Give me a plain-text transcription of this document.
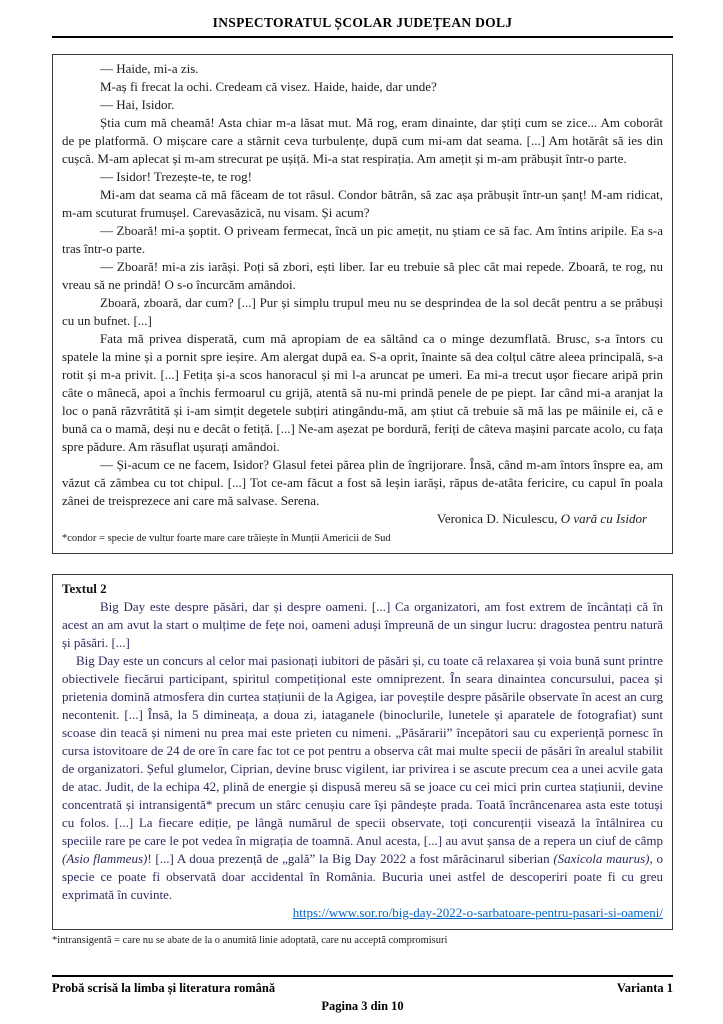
INSPECTORATUL ȘCOLAR JUDEȚEAN DOLJ

— Haide, mi-a zis.

M-aș fi frecat la ochi. Credeam că visez. Haide, haide, dar unde?

— Hai, Isidor.

Știa cum mă cheamă! Asta chiar m-a lăsat mut. Mă rog, eram dinainte, dar știți cum se zice... Am coborât de pe platformă. O mișcare care a stârnit ceva turbulențe, după cum mi-am dat seama. [...] Am hotărât să ies din cușcă. M-am aplecat și m-am strecurat pe ușiță. Mi-a stat respirația. Am amețit și m-am prăbușit într-o parte.

— Isidor! Trezește-te, te rog!

Mi-am dat seama că mă făceam de tot râsul. Condor bătrân, să zac așa prăbușit într-un șanț! M-am ridicat, m-am scuturat frumușel. Carevasăzică, nu visam. Și acum?

— Zboară! mi-a șoptit. O priveam fermecat, încă un pic amețit, nu știam ce să fac. Am întins aripile. Ea s-a tras într-o parte.

— Zboară! mi-a zis iarăși. Poți să zbori, ești liber. Iar eu trebuie să plec cât mai repede. Zboară, te rog, nu vreau să ne prindă! O s-o încurcăm amândoi.

Zboară, zboară, dar cum? [...] Pur și simplu trupul meu nu se desprindea de la sol decât pentru a se prăbuși cu un bufnet. [...]

Fata mă privea disperată, cum mă apropiam de ea săltând ca o minge dezumflată. Brusc, s-a întors cu spatele la mine și a pornit spre ieșire. Am alergat după ea. S-a oprit, înainte să dea colțul către aleea principală, s-a rotit și m-a privit. [...] Fetița și-a scos hanoracul și mi l-a aruncat pe umeri. Ea mi-a trecut ușor fiecare aripă prin câte o mânecă, apoi a închis fermoarul cu grijă, atentă să nu-mi prindă penele de pe piept. Iar când mi-a aranjat la loc o pană răzvrătită și i-am simțit degetele subțiri atingându-mă, am știut că trebuie să mă las pe mâinile ei, că e bună ca o mamă, deși nu e decât o fetiță. [...] Ne-am așezat pe bordură, feriți de câteva mașini parcate acolo, cu fața spre pădure. Am răsuflat ușurați amândoi.

— Și-acum ce ne facem, Isidor? Glasul fetei părea plin de îngrijorare. Însă, când m-am întors înspre ea, am văzut că zâmbea cu tot chipul. [...] Tot ce-am făcut a fost să leșin iarăși, răpus de-atâta fericire, cu capul în poala zânei de treisprezece ani care mă salvase. Serena.

Veronica D. Niculescu, O vară cu Isidor

*condor = specie de vultur foarte mare care trăiește în Munții Americii de Sud

Textul 2

Big Day este despre păsări, dar și despre oameni. [...] Ca organizatori, am fost extrem de încântați că în acest an am avut la start o mulțime de fețe noi, oameni aduși împreună de un singur lucru: dragostea pentru natură și păsări. [...]

Big Day este un concurs al celor mai pasionați iubitori de păsări și, cu toate că relaxarea și voia bună sunt printre obiectivele fiecărui participant, spiritul competițional este omniprezent. În seara dinaintea concursului, pacea și prietenia domină atmosfera din curtea stațiunii de la Agigea, iar poveștile despre păsările observate în acest an curg necontenit. [...] Însă, la 5 dimineața, a doua zi, iataganele (binoclurile, lunetele și aparatele de fotografiat) sunt scoase din teacă și nimeni nu prea mai este prieten cu nimeni. „Păsărarii” începători sau cu experiență pornesc în cursa istovitoare de 24 de ore în care fac tot ce pot pentru a observa cât mai multe specii de păsări în arealul stabilit de organizatori. Șeful glumelor, Ciprian, devine brusc vigilent, iar privirea i se ascute precum cea a unei acvile gata de atac. Judit, de la echipa 42, plină de energie și dispusă mereu să se joace cu cei mici prin curtea stațiunii, devine concentrată și intransigentă* precum un stârc cenușiu care își pândește prada. Toată încrâncenarea asta este totuși cu folos. [...] La fiecare ediție, pe lângă numărul de specii observate, toți concurenții visează la întâlnirea cu speciile rare pe care le pot vedea în migrația de toamnă. Anul acesta, [...] au avut șansa de a repera un ciuf de câmp (Asio flammeus)! [...] A doua prezență de „gală” la Big Day 2022 a fost mărăcinarul siberian (Saxicola maurus), o specie ce poate fi observată doar accidental în România. Bucuria unei astfel de descoperiri poate fi cu greu exprimată în cuvinte.

https://www.sor.ro/big-day-2022-o-sarbatoare-pentru-pasari-si-oameni/

*intransigentă = care nu se abate de la o anumită linie adoptată, care nu acceptă compromisuri

Probă scrisă la limba și literatura română	Varianta 1
Pagina 3 din 10
